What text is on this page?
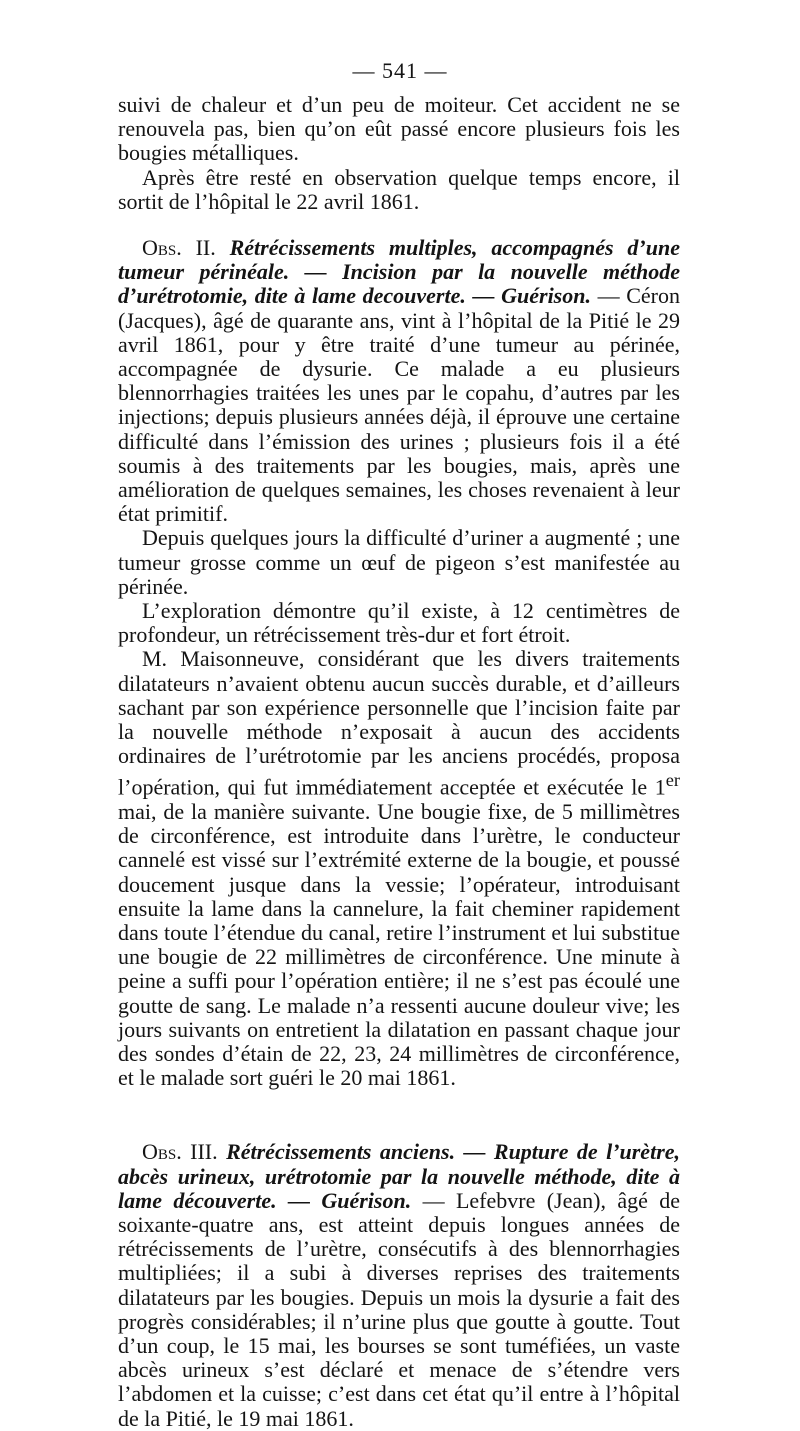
— 541 —

suivi de chaleur et d’un peu de moiteur. Cet accident ne se renouvela pas, bien qu’on eût passé encore plusieurs fois les bougies métalliques.

Après être resté en observation quelque temps encore, il sortit de l’hôpital le 22 avril 1861.

Obs. II. Rétrécissements multiples, accompagnés d’une tumeur périnéale. — Incision par la nouvelle méthode d’urétrotomie, dite à lame decouverte. — Guérison. — Céron (Jacques), âgé de quarante ans, vint à l’hôpital de la Pitié le 29 avril 1861, pour y être traité d’une tumeur au périnée, accompagnée de dysurie. Ce malade a eu plusieurs blennorrhagies traitées les unes par le copahu, d’autres par les injections; depuis plusieurs années déjà, il éprouve une certaine difficulté dans l’émission des urines ; plusieurs fois il a été soumis à des traitements par les bougies, mais, après une amélioration de quelques semaines, les choses revenaient à leur état primitif.

Depuis quelques jours la difficulté d’uriner a augmenté ; une tumeur grosse comme un œuf de pigeon s’est manifestée au périnée.

L’exploration démontre qu’il existe, à 12 centimètres de profondeur, un rétrécissement très-dur et fort étroit.

M. Maisonneuve, considérant que les divers traitements dilatateurs n’avaient obtenu aucun succès durable, et d’ailleurs sachant par son expérience personnelle que l’incision faite par la nouvelle méthode n’exposait à aucun des accidents ordinaires de l’urétrotomie par les anciens procédés, proposa l’opération, qui fut immédiatement acceptée et exécutée le 1er mai, de la manière suivante. Une bougie fixe, de 5 millimètres de circonférence, est introduite dans l’urètre, le conducteur cannelé est vissé sur l’extrémité externe de la bougie, et poussé doucement jusque dans la vessie; l’opérateur, introduisant ensuite la lame dans la cannelure, la fait cheminer rapidement dans toute l’étendue du canal, retire l’instrument et lui substitue une bougie de 22 millimètres de circonférence. Une minute à peine a suffi pour l’opération entière; il ne s’est pas écoulé une goutte de sang. Le malade n’a ressenti aucune douleur vive; les jours suivants on entretient la dilatation en passant chaque jour des sondes d’étain de 22, 23, 24 millimètres de circonférence, et le malade sort guéri le 20 mai 1861.

Obs. III. Rétrécissements anciens. — Rupture de l’urètre, abcès urineux, urétrotomie par la nouvelle méthode, dite à lame découverte. — Guérison. — Lefebvre (Jean), âgé de soixante-quatre ans, est atteint depuis longues années de rétrécissements de l’urètre, consécutifs à des blennorrhagies multipliées; il a subi à diverses reprises des traitements dilatateurs par les bougies. Depuis un mois la dysurie a fait des progrès considérables; il n’urine plus que goutte à goutte. Tout d’un coup, le 15 mai, les bourses se sont tuméfiées, un vaste abcès urineux s’est déclaré et menace de s’étendre vers l’abdomen et la cuisse; c’est dans cet état qu’il entre à l’hôpital de la Pitié, le 19 mai 1861.
